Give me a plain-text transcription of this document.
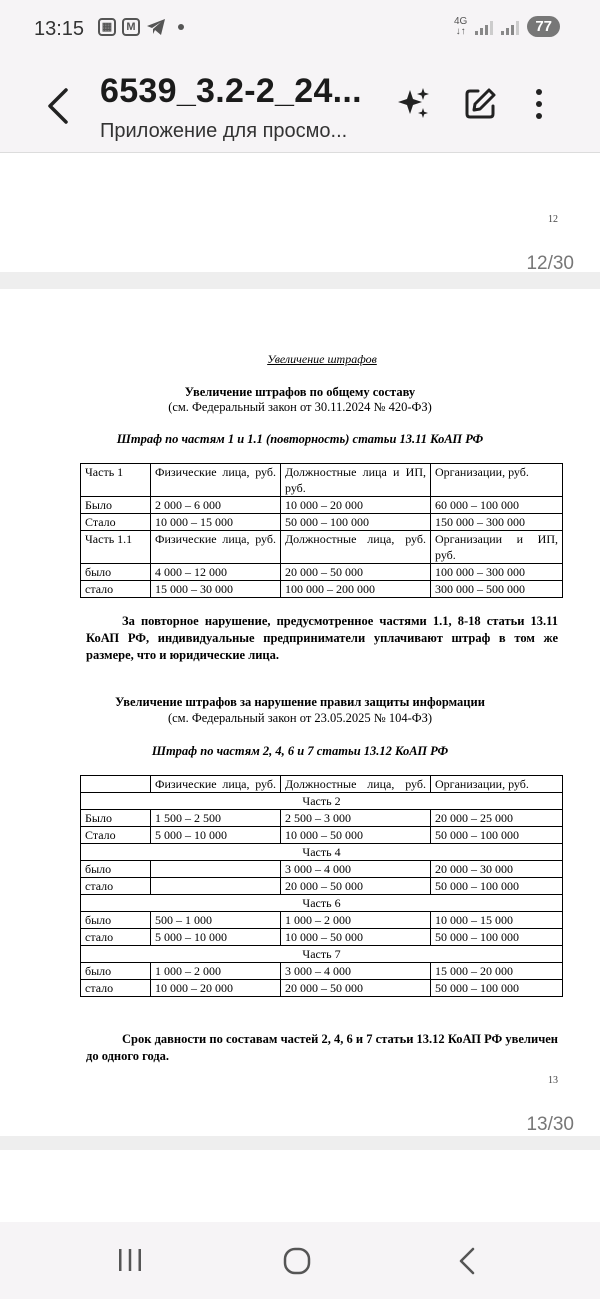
13:15	▦	M	4G
↓↑	77
6539_3.2-2_24...
Приложение для просмо...
12
12/30
Увеличение штрафов
Увеличение штрафов по общему составу
(см. Федеральный закон от 30.11.2024 № 420-ФЗ)
Штраф по частям 1 и 1.1 (повторность) статьи 13.11 КоАП РФ
Часть 1	Физические лица, руб.	Должностные лица и ИП, руб.	Организации, руб.
Было	2 000 – 6 000	10 000 – 20 000	60 000 – 100 000
Стало	10 000 – 15 000	50 000 – 100 000	150 000 – 300 000
Часть 1.1	Физические лица, руб.	Должностные лица, руб.	Организации и ИП, руб.
было	4 000 – 12 000	20 000 – 50 000	100 000 – 300 000
стало	15 000 – 30 000	100 000 – 200 000	300 000 – 500 000
За повторное нарушение, предусмотренное частями 1.1, 8-18 статьи 13.11 КоАП РФ, индивидуальные предприниматели уплачивают штраф в том же размере, что и юридические лица.
Увеличение штрафов за нарушение правил защиты информации
(см. Федеральный закон от 23.05.2025 № 104-ФЗ)
Штраф по частям 2, 4, 6 и 7 статьи 13.12 КоАП РФ
	Физические лица, руб.	Должностные лица, руб.	Организации, руб.
Часть 2			
Было	1 500 – 2 500	2 500 – 3 000	20 000 – 25 000
Стало	5 000 – 10 000	10 000 – 50 000	50 000 – 100 000
Часть 4			
было		3 000 – 4 000	20 000 – 30 000
стало		20 000 – 50 000	50 000 – 100 000
Часть 6			
было	500 – 1 000	1 000 – 2 000	10 000 – 15 000
стало	5 000 – 10 000	10 000 – 50 000	50 000 – 100 000
Часть 7			
было	1 000 – 2 000	3 000 – 4 000	15 000 – 20 000
стало	10 000 – 20 000	20 000 – 50 000	50 000 – 100 000
Срок давности по составам частей 2, 4, 6 и 7 статьи 13.12 КоАП РФ увеличен до одного года.
13
13/30
